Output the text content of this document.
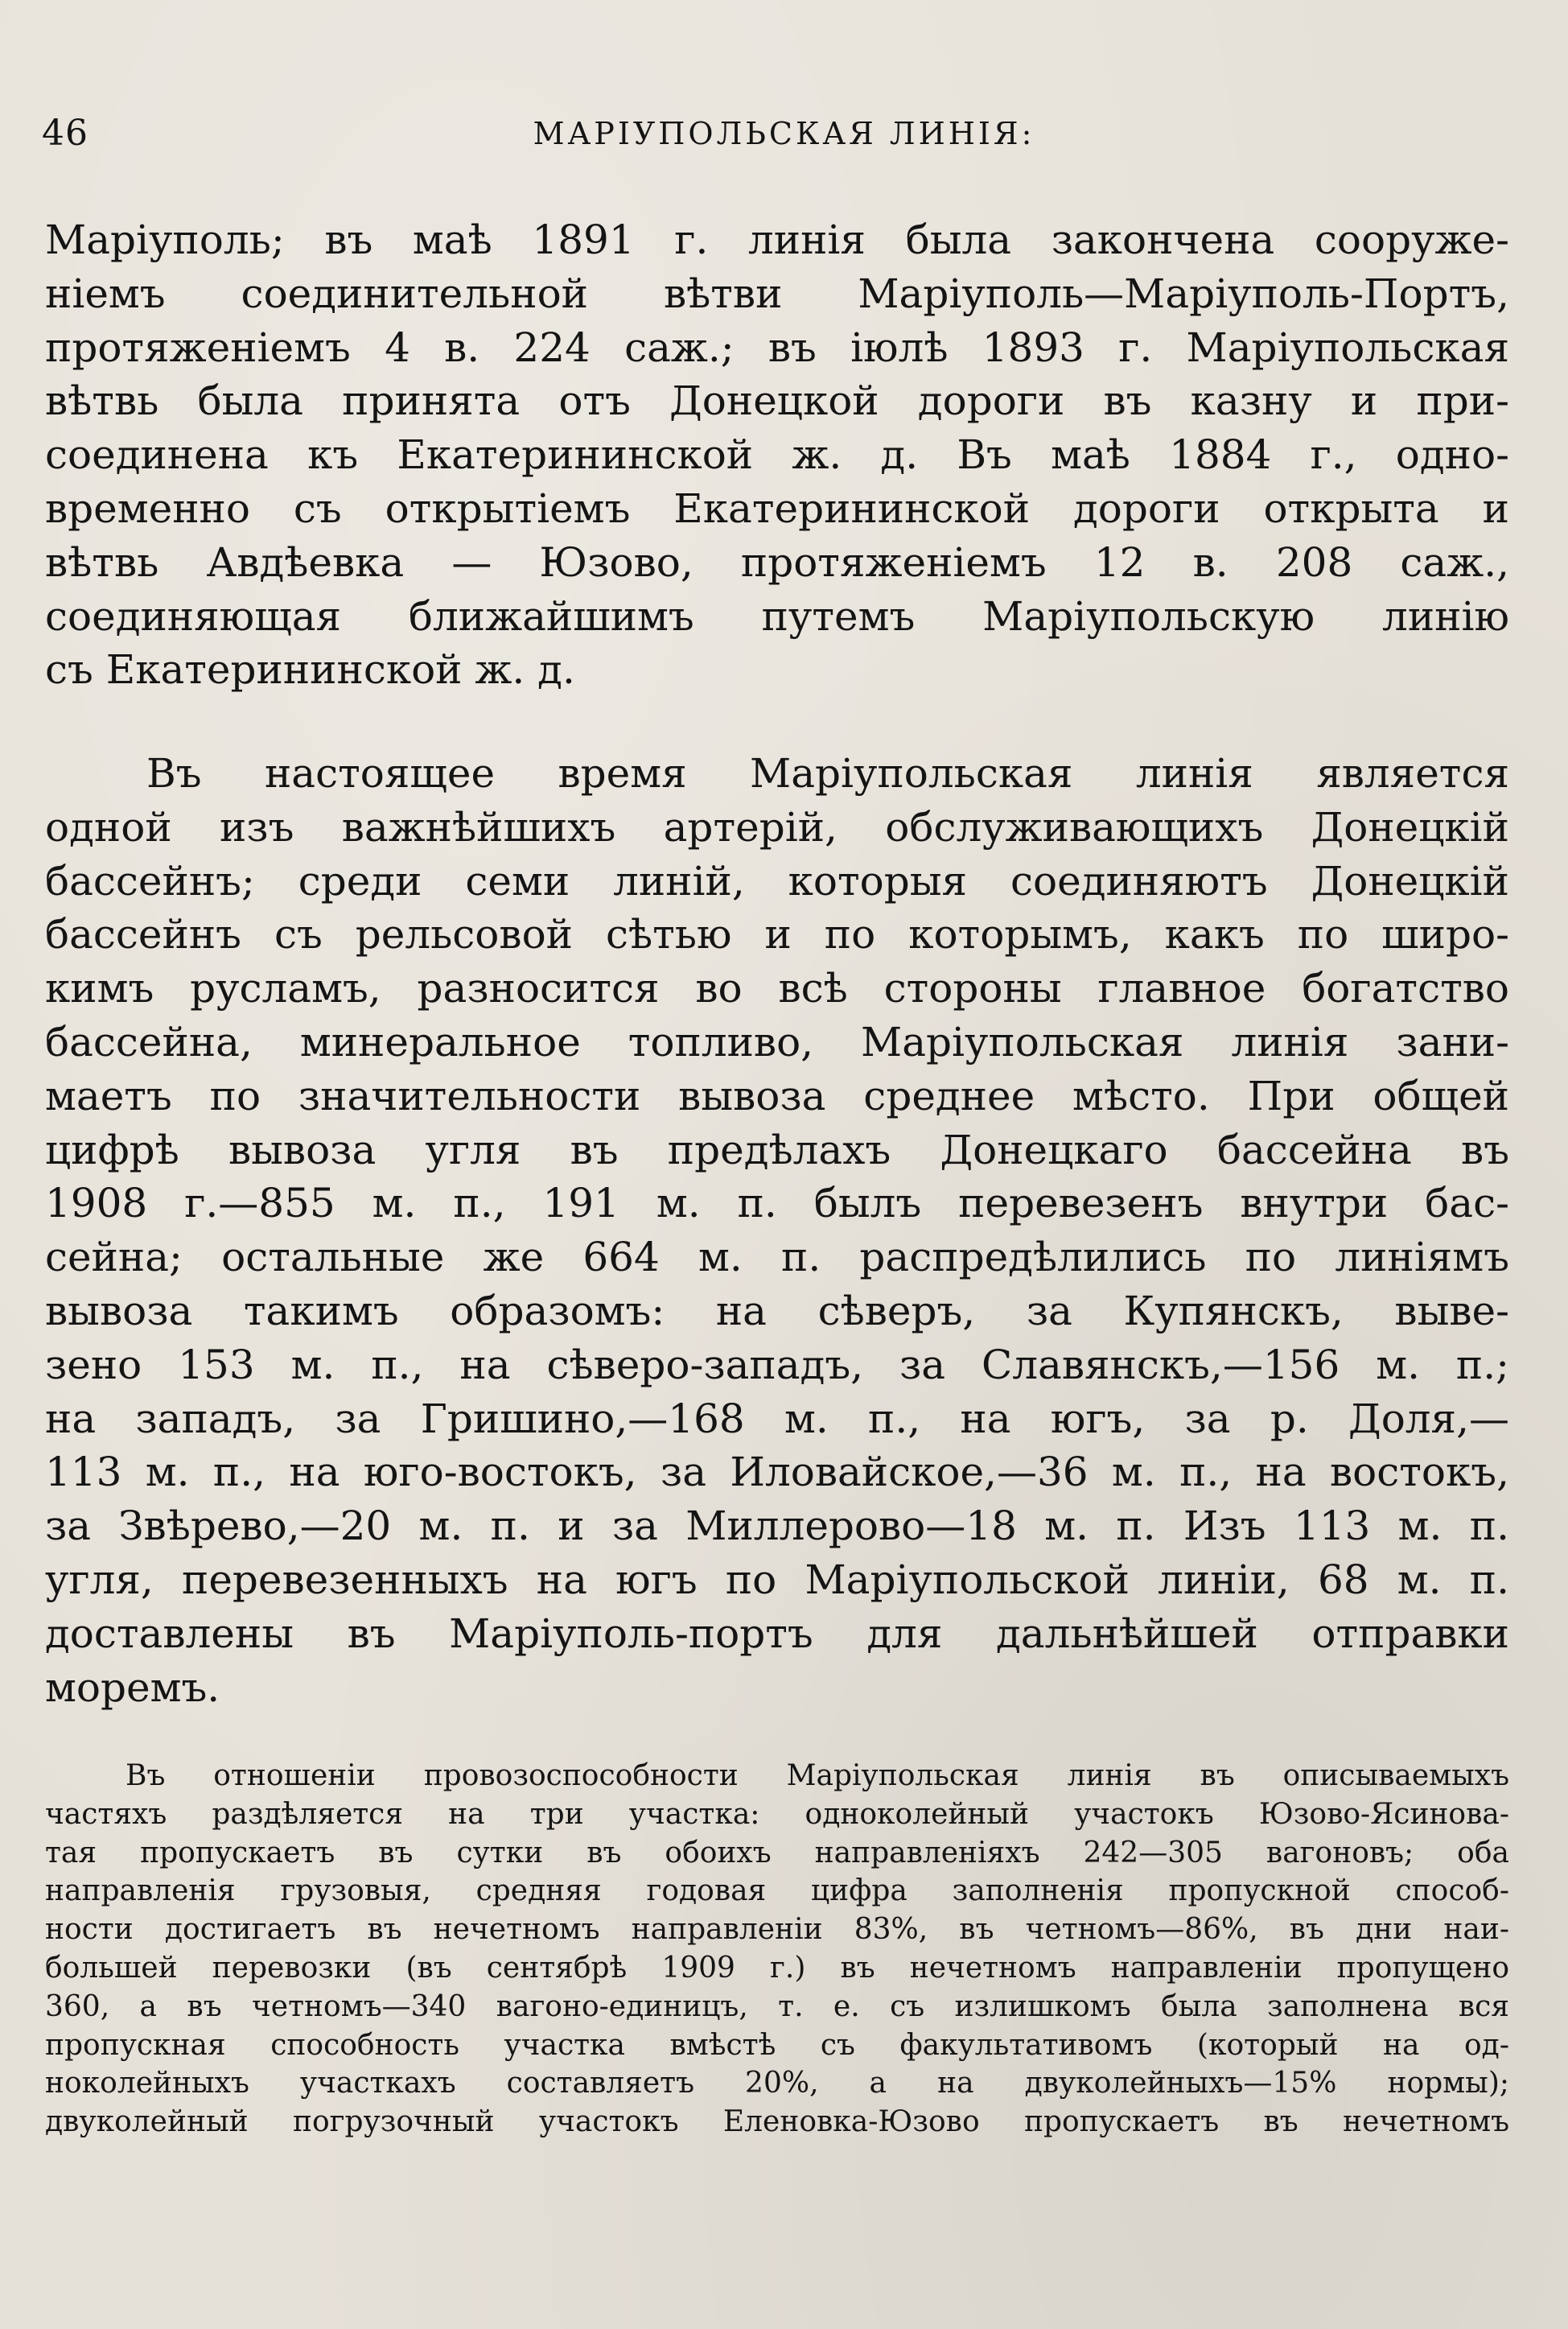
46	МАРІУПОЛЬСКАЯ ЛИНІЯ:
Маріуполь; въ маѣ 1891 г. линія была закончена сооруже-
ніемъ соединительной вѣтви Маріуполь—Маріуполь-Портъ,
протяженіемъ 4 в. 224 саж.; въ іюлѣ 1893 г. Маріупольская
вѣтвь была принята отъ Донецкой дороги въ казну и при-
соединена къ Екатерининской ж. д. Въ маѣ 1884 г., одно-
временно съ открытіемъ Екатерининской дороги открыта и
вѣтвь Авдѣевка — Юзово, протяженіемъ 12 в. 208 саж.,
соединяющая ближайшимъ путемъ Маріупольскую линію
съ Екатерининской ж. д.
Въ настоящее время Маріупольская линія является
одной изъ важнѣйшихъ артерій, обслуживающихъ Донецкій
бассейнъ; среди семи линій, которыя соединяютъ Донецкій
бассейнъ съ рельсовой сѣтью и по которымъ, какъ по широ-
кимъ русламъ, разносится во всѣ стороны главное богатство
бассейна, минеральное топливо, Маріупольская линія зани-
маетъ по значительности вывоза среднее мѣсто. При общей
цифрѣ вывоза угля въ предѣлахъ Донецкаго бассейна въ
1908 г.—855 м. п., 191 м. п. былъ перевезенъ внутри бас-
сейна; остальные же 664 м. п. распредѣлились по линіямъ
вывоза такимъ образомъ: на сѣверъ, за Купянскъ, выве-
зено 153 м. п., на сѣверо-западъ, за Славянскъ,—156 м. п.;
на западъ, за Гришино,—168 м. п., на югъ, за р. Доля,—
113 м. п., на юго-востокъ, за Иловайское,—36 м. п., на востокъ,
за Звѣрево,—20 м. п. и за Миллерово—18 м. п. Изъ 113 м. п.
угля, перевезенныхъ на югъ по Маріупольской линіи, 68 м. п.
доставлены въ Маріуполь-портъ для дальнѣйшей отправки
моремъ.
Въ отношеніи провозоспособности Маріупольская линія въ описываемыхъ
частяхъ раздѣляется на три участка: одноколейный участокъ Юзово-Ясинова-
тая пропускаетъ въ сутки въ обоихъ направленіяхъ 242—305 вагоновъ; оба
направленія грузовыя, средняя годовая цифра заполненія пропускной способ-
ности достигаетъ въ нечетномъ направленіи 83%, въ четномъ—86%, въ дни наи-
большей перевозки (въ сентябрѣ 1909 г.) въ нечетномъ направленіи пропущено
360, а въ четномъ—340 вагоно-единицъ, т. е. съ излишкомъ была заполнена вся
пропускная способность участка вмѣстѣ съ факультативомъ (который на од-
ноколейныхъ участкахъ составляетъ 20%, а на двуколейныхъ—15% нормы);
двуколейный погрузочный участокъ Еленовка-Юзово пропускаетъ въ нечетномъ
